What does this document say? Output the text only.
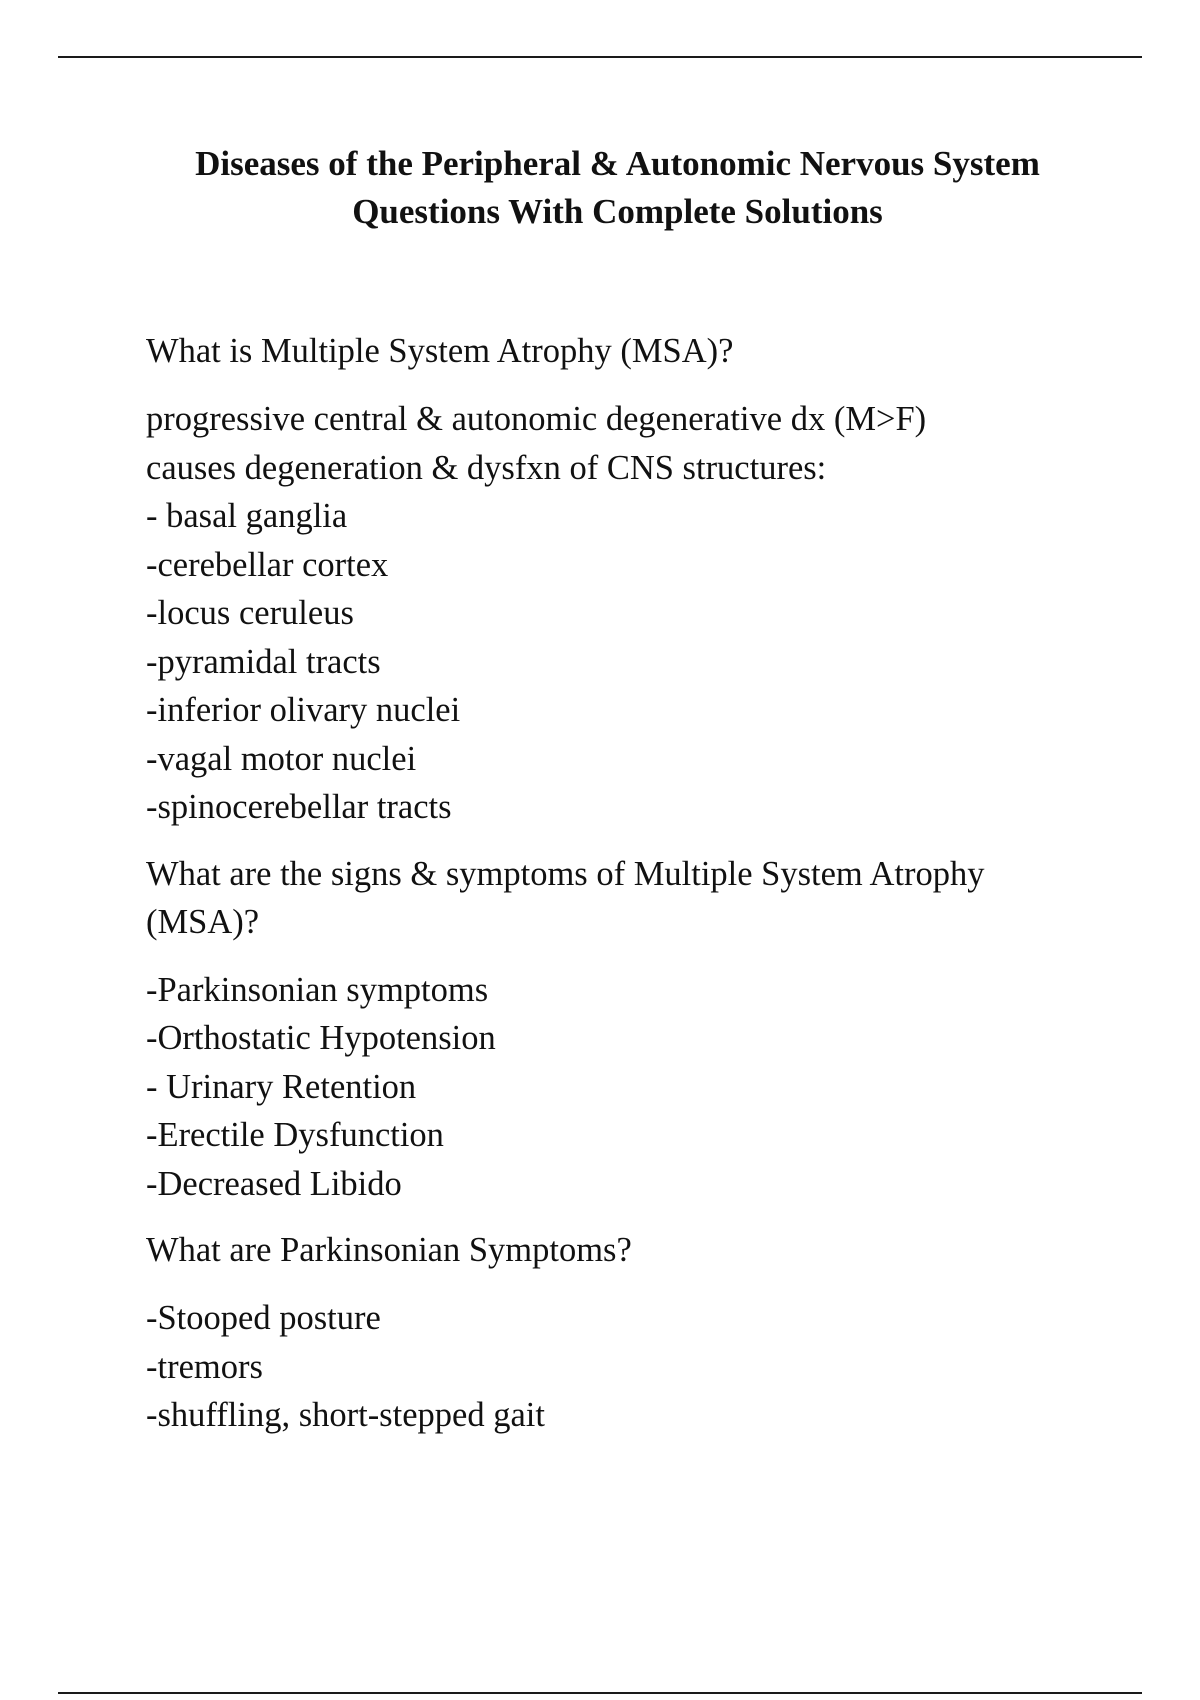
Diseases of the Peripheral & Autonomic Nervous System
Questions With Complete Solutions

What is Multiple System Atrophy (MSA)?

progressive central & autonomic degenerative dx (M>F)
causes degeneration & dysfxn of CNS structures:
- basal ganglia
-cerebellar cortex
-locus ceruleus
-pyramidal tracts
-inferior olivary nuclei
-vagal motor nuclei
-spinocerebellar tracts
What are the signs & symptoms of Multiple System Atrophy
(MSA)?
-Parkinsonian symptoms
-Orthostatic Hypotension
- Urinary Retention
-Erectile Dysfunction
-Decreased Libido

What are Parkinsonian Symptoms?

-Stooped posture
-tremors
-shuffling, short-stepped gait
